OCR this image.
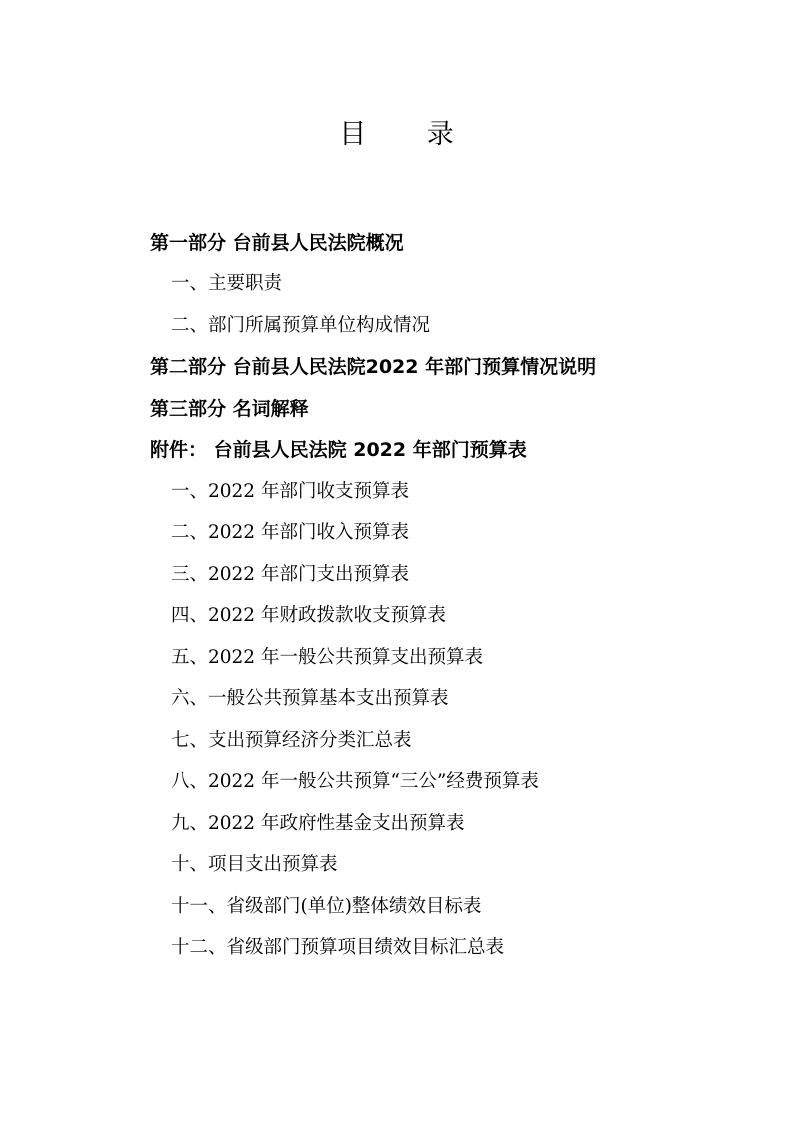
目 录
第一部分 台前县人民法院概况
一、主要职责
二、部门所属预算单位构成情况
第二部分 台前县人民法院2022 年部门预算情况说明
第三部分 名词解释
附件： 台前县人民法院 2022 年部门预算表
一、2022 年部门收支预算表
二、2022 年部门收入预算表
三、2022 年部门支出预算表
四、2022 年财政拨款收支预算表
五、2022 年一般公共预算支出预算表
六、一般公共预算基本支出预算表
七、支出预算经济分类汇总表
八、2022 年一般公共预算“三公”经费预算表
九、2022 年政府性基金支出预算表
十、项目支出预算表
十一、省级部门(单位)整体绩效目标表
十二、省级部门预算项目绩效目标汇总表
